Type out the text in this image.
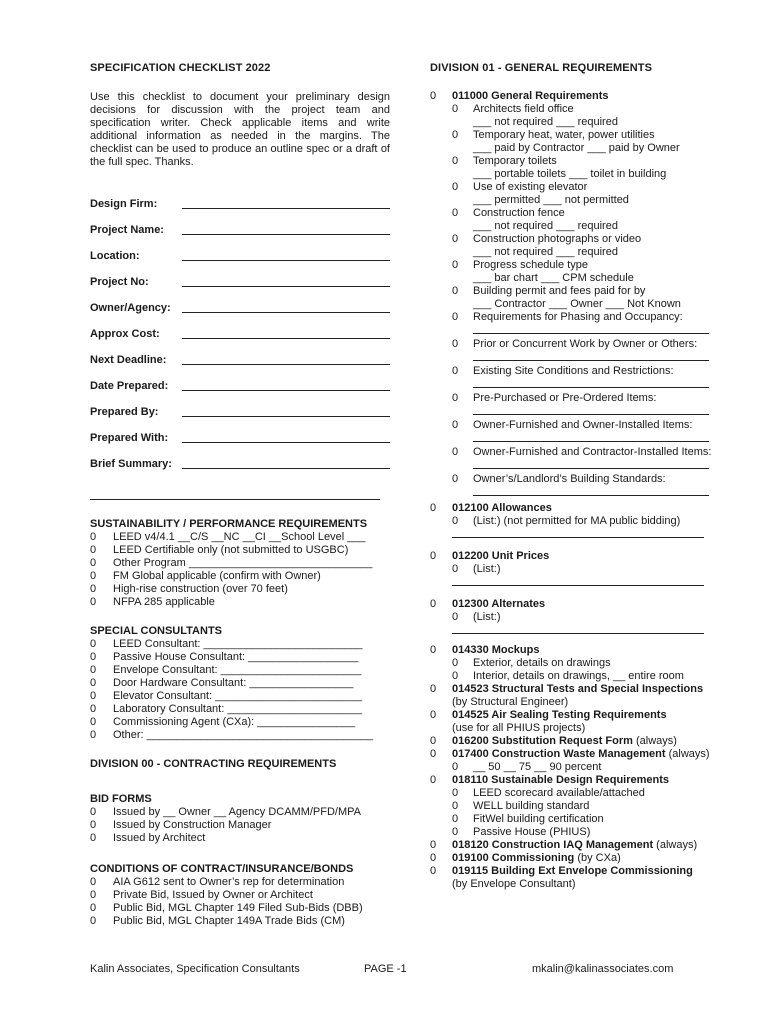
SPECIFICATION CHECKLIST 2022
Use this checklist to document your preliminary design decisions for discussion with the project team and specification writer. Check applicable items and write additional information as needed in the margins. The checklist can be used to produce an outline spec or a draft of the full spec. Thanks.
Design Firm:
Project Name:
Location:
Project No:
Owner/Agency:
Approx Cost:
Next Deadline:
Date Prepared:
Prepared By:
Prepared With:
Brief Summary:
SUSTAINABILITY / PERFORMANCE REQUIREMENTS
0	LEED v4/4.1 __C/S __NC __CI __School Level ___
0	LEED Certifiable only (not submitted to USGBC)
0	Other Program ______________________________
0	FM Global applicable (confirm with Owner)
0	High-rise construction (over 70 feet)
0	NFPA 285 applicable
SPECIAL CONSULTANTS
0	LEED Consultant: __________________________
0	Passive House Consultant: __________________
0	Envelope Consultant: _______________________
0	Door Hardware Consultant: _________________
0	Elevator Consultant: ________________________
0	Laboratory Consultant: ______________________
0	Commissioning Agent (CXa): ________________
0	Other: _____________________________________
DIVISION 00 - CONTRACTING REQUIREMENTS
BID FORMS
0	Issued by __ Owner __ Agency DCAMM/PFD/MPA
0	Issued by Construction Manager
0	Issued by Architect
CONDITIONS OF CONTRACT/INSURANCE/BONDS
0	AIA G612 sent to Owner’s rep for determination
0	Private Bid, Issued by Owner or Architect
0	Public Bid, MGL Chapter 149 Filed Sub-Bids (DBB)
0	Public Bid, MGL Chapter 149A Trade Bids (CM)
DIVISION 01 - GENERAL REQUIREMENTS
0	011000 General Requirements
0	Architects field office
___ not required ___ required
0	Temporary heat, water, power utilities
___ paid by Contractor ___ paid by Owner
0	Temporary toilets
___ portable toilets ___ toilet in building
0	Use of existing elevator
___ permitted ___ not permitted
0	Construction fence
___ not required ___ required
0	Construction photographs or video
___ not required ___ required
0	Progress schedule type
___ bar chart ___ CPM schedule
0	Building permit and fees paid for by
___ Contractor ___ Owner ___ Not Known
0	Requirements for Phasing and Occupancy:
0	Prior or Concurrent Work by Owner or Others:
0	Existing Site Conditions and Restrictions:
0	Pre-Purchased or Pre-Ordered Items:
0	Owner-Furnished and Owner-Installed Items:
0	Owner-Furnished and Contractor-Installed Items:
0	Owner’s/Landlord’s Building Standards:
0	012100 Allowances
0	(List:) (not permitted for MA public bidding)
0	012200 Unit Prices
0	(List:)
0	012300 Alternates
0	(List:)
0	014330 Mockups
0	Exterior, details on drawings
0	Interior, details on drawings, __ entire room
0	014523 Structural Tests and Special Inspections
(by Structural Engineer)
0	014525 Air Sealing Testing Requirements
(use for all PHIUS projects)
0	016200 Substitution Request Form (always)
0	017400 Construction Waste Management (always)
0	__ 50 __ 75 __ 90 percent
0	018110 Sustainable Design Requirements
0	LEED scorecard available/attached
0	WELL building standard
0	FitWel building certification
0	Passive House (PHIUS)
0	018120 Construction IAQ Management (always)
0	019100 Commissioning (by CXa)
0	019115 Building Ext Envelope Commissioning
(by Envelope Consultant)
Kalin Associates, Specification Consultants	PAGE -1	mkalin@kalinassociates.com
